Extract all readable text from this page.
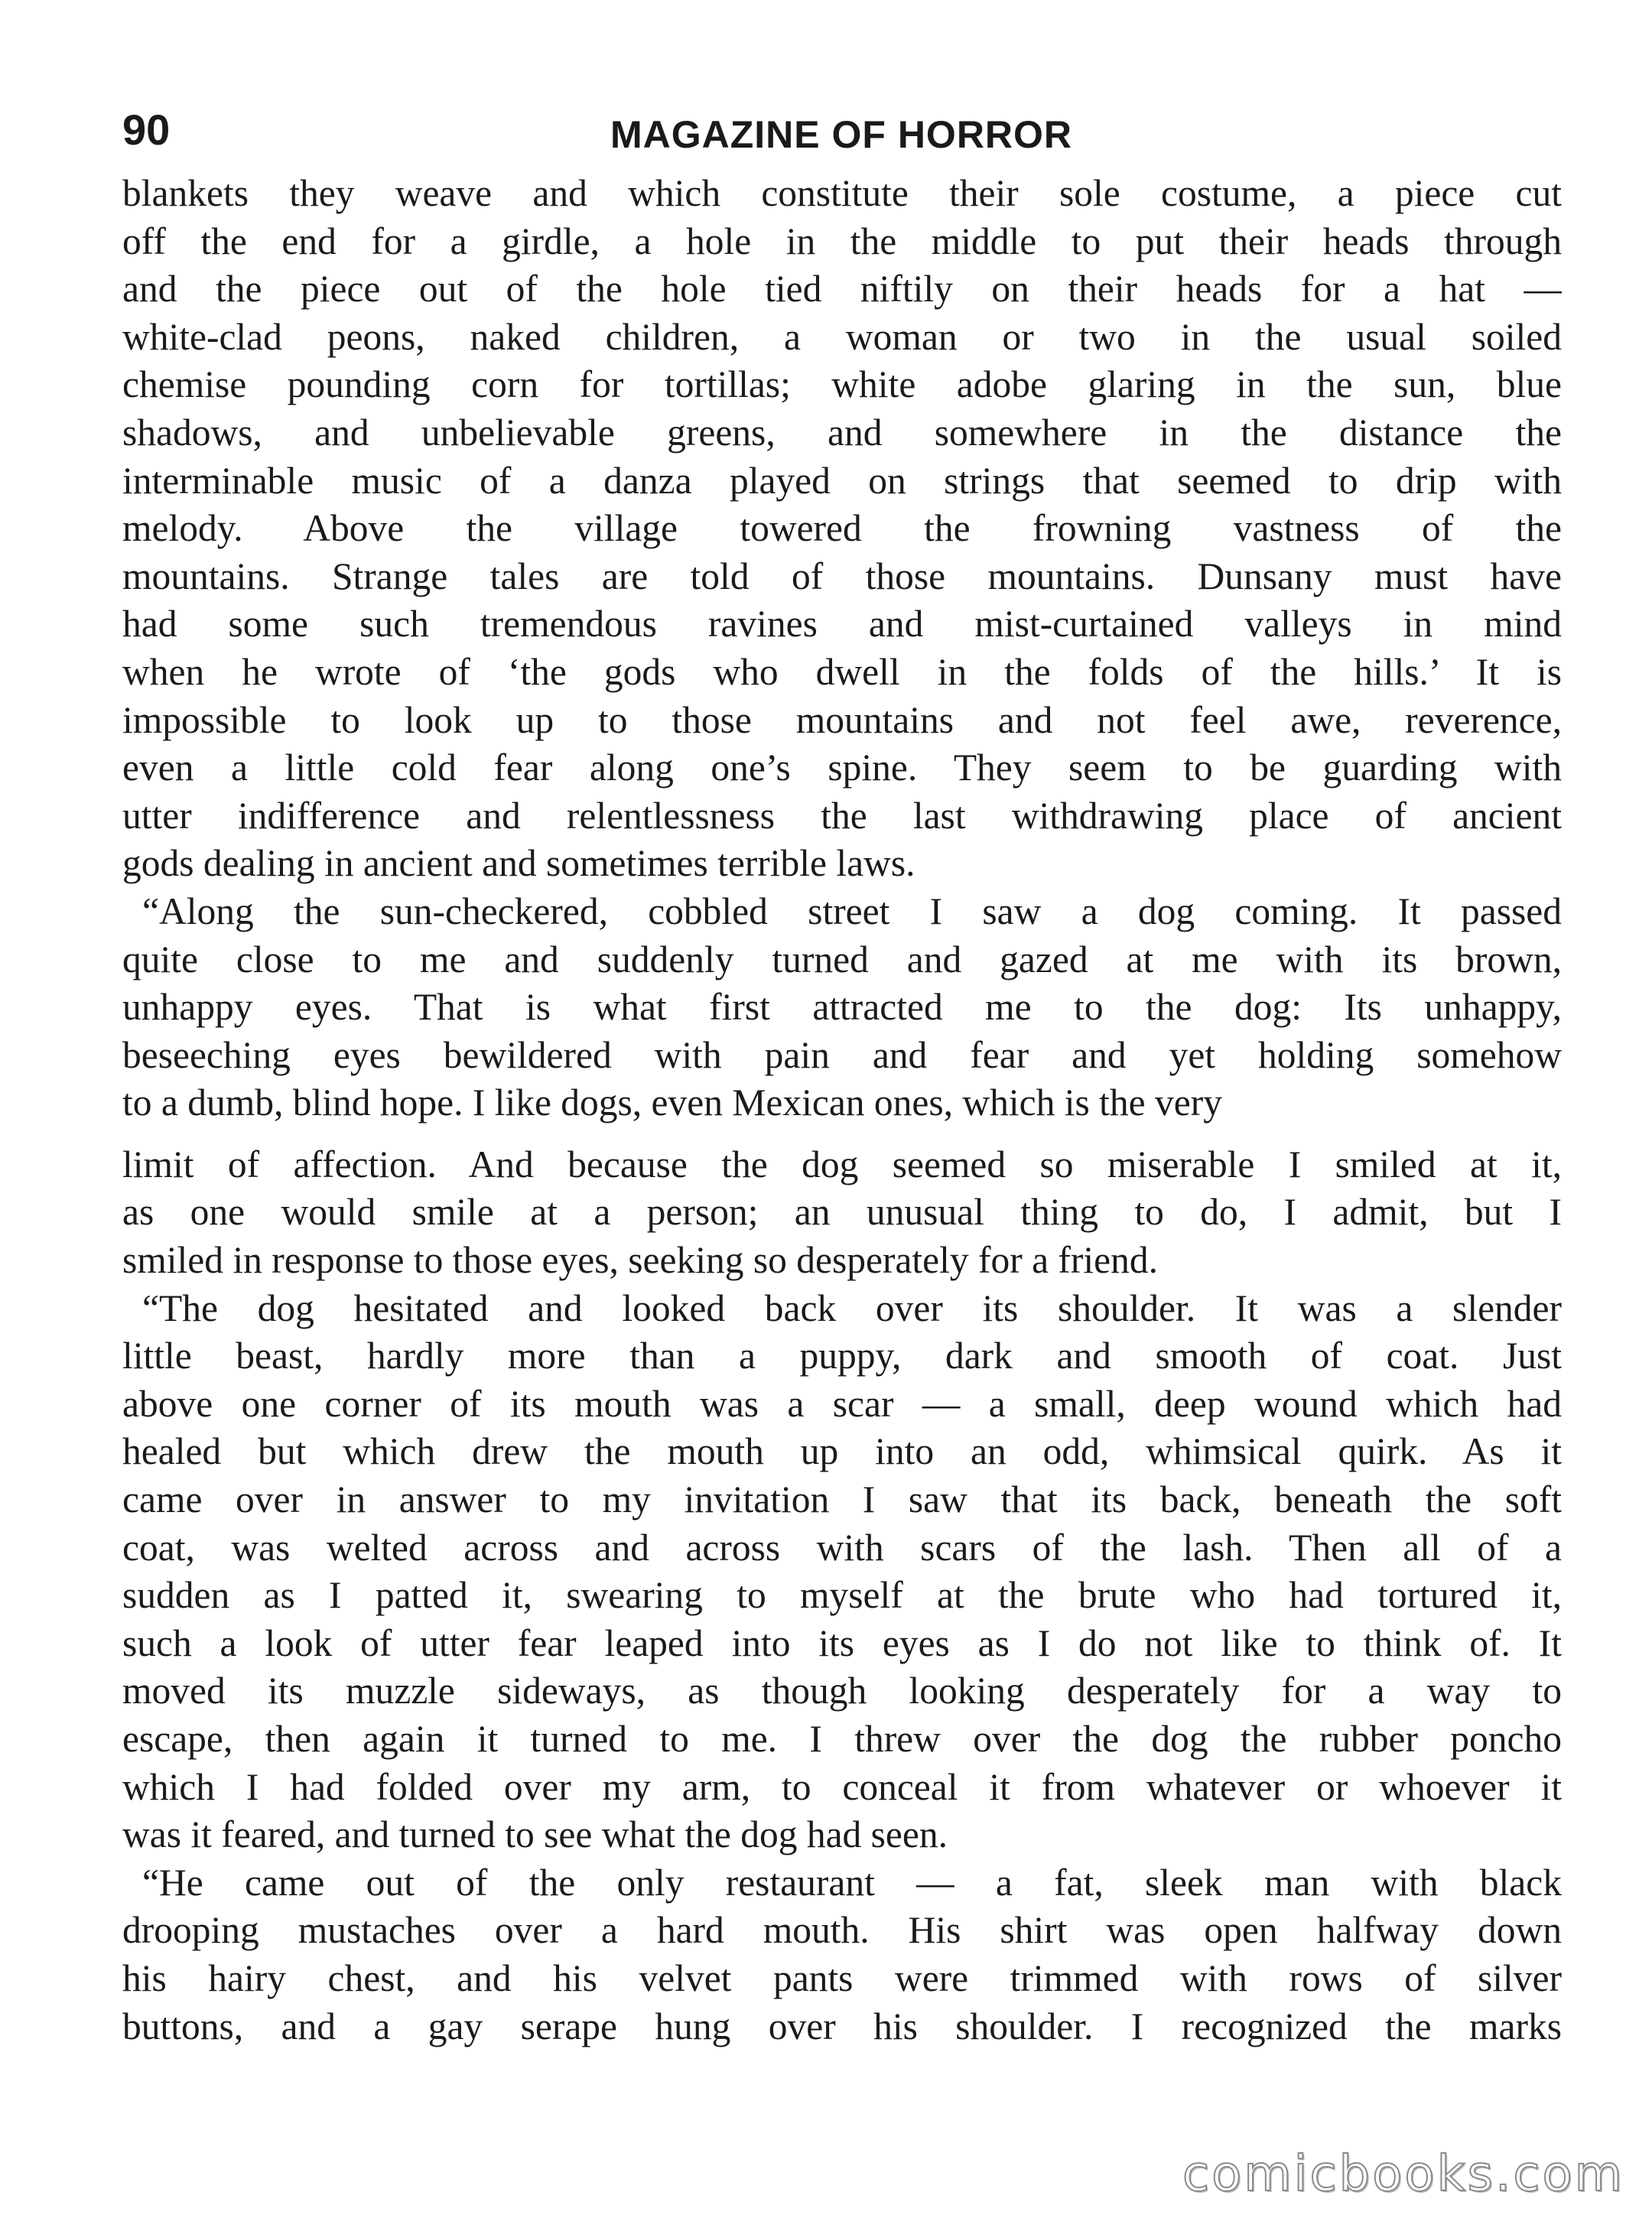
90	MAGAZINE OF HORROR

blankets they weave and which constitute their sole costume, a piece cut
off the end for a girdle, a hole in the middle to put their heads through
and the piece out of the hole tied niftily on their heads for a hat —
white-clad peons, naked children, a woman or two in the usual soiled
chemise pounding corn for tortillas; white adobe glaring in the sun, blue
shadows, and unbelievable greens, and somewhere in the distance the
interminable music of a danza played on strings that seemed to drip with
melody. Above the village towered the frowning vastness of the
mountains. Strange tales are told of those mountains. Dunsany must have
had some such tremendous ravines and mist-curtained valleys in mind
when he wrote of ‘the gods who dwell in the folds of the hills.’ It is
impossible to look up to those mountains and not feel awe, reverence,
even a little cold fear along one’s spine. They seem to be guarding with
utter indifference and relentlessness the last withdrawing place of ancient
gods dealing in ancient and sometimes terrible laws.

“Along the sun-checkered, cobbled street I saw a dog coming. It passed
quite close to me and suddenly turned and gazed at me with its brown,
unhappy eyes. That is what first attracted me to the dog: Its unhappy,
beseeching eyes bewildered with pain and fear and yet holding somehow
to a dumb, blind hope. I like dogs, even Mexican ones, which is the very

limit of affection. And because the dog seemed so miserable I smiled at it,
as one would smile at a person; an unusual thing to do, I admit, but I
smiled in response to those eyes, seeking so desperately for a friend.

“The dog hesitated and looked back over its shoulder. It was a slender
little beast, hardly more than a puppy, dark and smooth of coat. Just
above one corner of its mouth was a scar — a small, deep wound which had
healed but which drew the mouth up into an odd, whimsical quirk. As it
came over in answer to my invitation I saw that its back, beneath the soft
coat, was welted across and across with scars of the lash. Then all of a
sudden as I patted it, swearing to myself at the brute who had tortured it,
such a look of utter fear leaped into its eyes as I do not like to think of. It
moved its muzzle sideways, as though looking desperately for a way to
escape, then again it turned to me. I threw over the dog the rubber poncho
which I had folded over my arm, to conceal it from whatever or whoever it
was it feared, and turned to see what the dog had seen.

“He came out of the only restaurant — a fat, sleek man with black
drooping mustaches over a hard mouth. His shirt was open halfway down
his hairy chest, and his velvet pants were trimmed with rows of silver
buttons, and a gay serape hung over his shoulder. I recognized the marks

comicbooks.com
